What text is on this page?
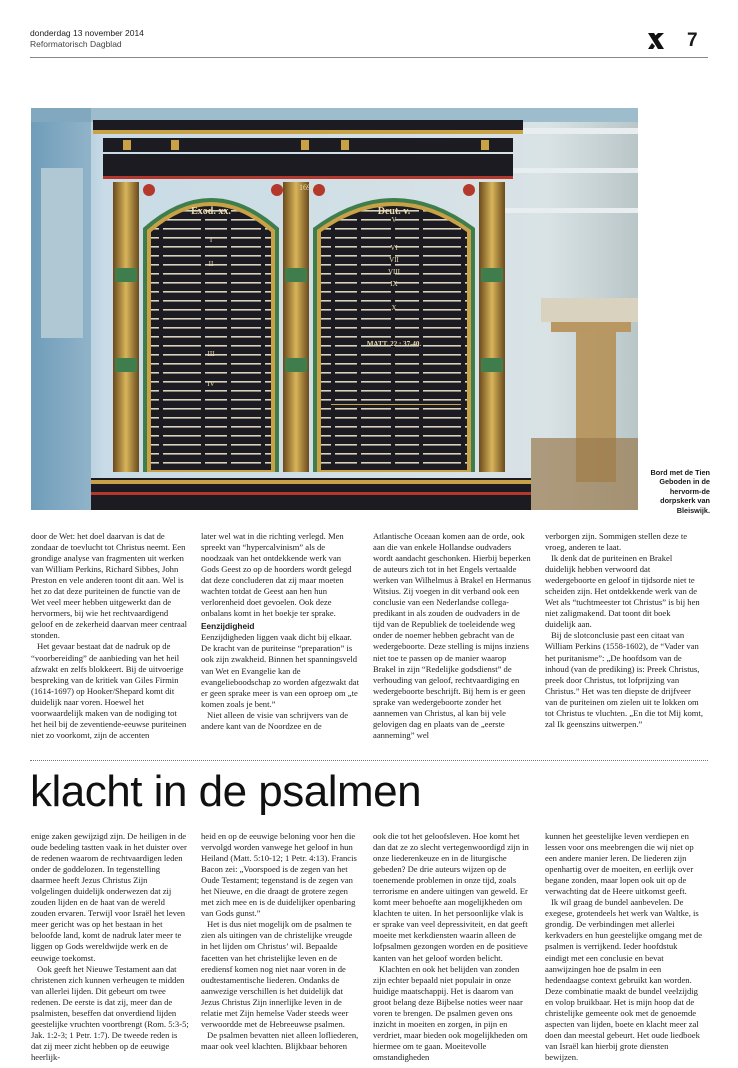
donderdag 13 november 2014
Reformatorisch Dagblad	7
Exod. xx.	Deut. v.
1697
I
II
III
IV
V
VI
VII
VIII
IX
X
MATT. 22 : 37-40.
Bord met de Tien Geboden in de hervorm-de dorpskerk van Bleiswijk.

door de Wet: het doel daarvan is dat de zondaar de toevlucht tot Christus neemt. Een grondige analyse van fragmenten uit werken van William Perkins, Richard Sibbes, John Preston en vele anderen toont dit aan. Wel is het zo dat deze puriteinen de functie van de Wet veel meer hebben uitgewerkt dan de hervormers, bij wie het rechtvaardigend geloof en de zekerheid daarvan meer centraal stonden.

Het gevaar bestaat dat de nadruk op de “voorbereiding” de aanbieding van het heil afzwakt en zelfs blokkeert. Bij de uitvoerige bespreking van de kritiek van Giles Firmin (1614-1697) op Hooker/Shepard komt dit duidelijk naar voren. Hoewel het voorwaardelijk maken van de nodiging tot het heil bij de zeventiende-eeuwse puriteinen niet zo voorkomt, zijn de accenten

later wel wat in die richting verlegd. Men spreekt van “hypercalvinism” als de noodzaak van het ontdekkende werk van Gods Geest zo op de hoorders wordt gelegd dat deze concluderen dat zij maar moeten wachten totdat de Geest aan hen hun verlorenheid doet gevoelen. Ook deze onbalans komt in het boekje ter sprake.

Eenzijdigheid

Eenzijdigheden liggen vaak dicht bij elkaar. De kracht van de puriteinse “preparation” is ook zijn zwakheid. Binnen het spanningsveld van Wet en Evangelie kan de evangelieboodschap zo worden afgezwakt dat er geen sprake meer is van een oproep om „te komen zoals je bent.”

Niet alleen de visie van schrijvers van de andere kant van de Noordzee en de

Atlantische Oceaan komen aan de orde, ook aan die van enkele Hollandse oudvaders wordt aandacht geschonken. Hierbij beperken de auteurs zich tot in het Engels vertaalde werken van Wilhelmus à Brakel en Hermanus Witsius. Zij voegen in dit verband ook een conclusie van een Nederlandse collega-predikant in als zouden de oudvaders in de tijd van de Republiek de toeleidende weg onder de noemer hebben gebracht van de wedergeboorte. Deze stelling is mijns inziens niet toe te passen op de manier waarop Brakel in zijn “Redelijke godsdienst” de verhouding van geloof, rechtvaardiging en wedergeboorte beschrijft. Bij hem is er geen sprake van wedergeboorte zonder het aannemen van Christus, al kan bij vele gelovigen dag en plaats van de „eerste aanneming” wel

verborgen zijn. Sommigen stellen deze te vroeg, anderen te laat.

Ik denk dat de puriteinen en Brakel duidelijk hebben verwoord dat wedergeboorte en geloof in tijdsorde niet te scheiden zijn. Het ontdekkende werk van de Wet als “tuchtmeester tot Christus” is bij hen niet zaligmakend. Dat toont dit boek duidelijk aan.

Bij de slotconclusie past een citaat van William Perkins (1558-1602), de “Vader van het puritanisme”: „De hoofdsom van de inhoud (van de prediking) is: Preek Christus, preek door Christus, tot lofprijzing van Christus.” Het was ten diepste de drijfveer van de puriteinen om zielen uit te lokken om tot Christus te vluchten. „En die tot Mij komt, zal Ik geenszins uitwerpen.”

klacht in de psalmen

enige zaken gewijzigd zijn. De heiligen in de oude bedeling tastten vaak in het duister over de redenen waarom de rechtvaardigen leden onder de goddelozen. In tegenstelling daarmee heeft Jezus Christus Zijn volgelingen duidelijk onderwezen dat zij zouden lijden en de haat van de wereld zouden ervaren. Terwijl voor Israël het leven meer gericht was op het bestaan in het beloofde land, komt de nadruk later meer te liggen op Gods wereldwijde werk en de eeuwige toekomst.

Ook geeft het Nieuwe Testament aan dat christenen zich kunnen verheugen te midden van allerlei lijden. Dit gebeurt om twee redenen. De eerste is dat zij, meer dan de psalmisten, beseffen dat onverdiend lijden geestelijke vruchten voortbrengt (Rom. 5:3-5; Jak. 1:2-3; 1 Petr. 1:7). De tweede reden is dat zij meer zicht hebben op de eeuwige heerlijk-

heid en op de eeuwige beloning voor hen die vervolgd worden vanwege het geloof in hun Heiland (Matt. 5:10-12; 1 Petr. 4:13). Francis Bacon zei: „Voorspoed is de zegen van het Oude Testament; tegenstand is de zegen van het Nieuwe, en die draagt de grotere zegen met zich mee en is de duidelijker openbaring van Gods gunst.”

Het is dus niet mogelijk om de psalmen te zien als uitingen van de christelijke vreugde in het lijden om Christus’ wil. Bepaalde facetten van het christelijke leven en de erediensf komen nog niet naar voren in de oudtestamentische liederen. Ondanks de aanwezige verschillen is het duidelijk dat Jezus Christus Zijn innerlijke leven in de relatie met Zijn hemelse Vader steeds weer verwoordde met de Hebreeuwse psalmen.

De psalmen bevatten niet alleen lofliederen, maar ook veel klachten. Blijkbaar behoren

ook die tot het geloofsleven. Hoe komt het dan dat ze zo slecht vertegenwoordigd zijn in onze liederenkeuze en in de liturgische gebeden? De drie auteurs wijzen op de toenemende problemen in onze tijd, zoals terrorisme en andere uitingen van geweld. Er komt meer behoefte aan mogelijkheden om klachten te uiten. In het persoonlijke vlak is er sprake van veel depressiviteit, en dat geeft moeite met kerkdiensten waarin alleen de lofpsalmen gezongen worden en de positieve kanten van het geloof worden belicht.

Klachten en ook het belijden van zonden zijn echter bepaald niet populair in onze huidige maatschappij. Het is daarom van groot belang deze Bijbelse noties weer naar voren te brengen. De psalmen geven ons inzicht in moeiten en zorgen, in pijn en verdriet, maar bieden ook mogelijkheden om hiermee om te gaan. Moeitevolle omstandigheden

kunnen het geestelijke leven verdiepen en lessen voor ons meebrengen die wij niet op een andere manier leren. De liederen zijn openhartig over de moeiten, en eerlijk over begane zonden, maar lopen ook uit op de verwachting dat de Heere uitkomst geeft.

Ik wil graag de bundel aanbevelen. De exegese, grotendeels het werk van Waltke, is grondig. De verbindingen met allerlei kerkvaders en hun geestelijke omgang met de psalmen is verrijkend. Ieder hoofdstuk eindigt met een conclusie en bevat aanwijzingen hoe de psalm in een hedendaagse context gebruikt kan worden. Deze combinatie maakt de bundel veelzijdig en volop bruikbaar. Het is mijn hoop dat de christelijke gemeente ook met de genoemde aspecten van lijden, boete en klacht meer zal doen dan meestal gebeurt. Het oude liedboek van Israël kan hierbij grote diensten bewijzen.
